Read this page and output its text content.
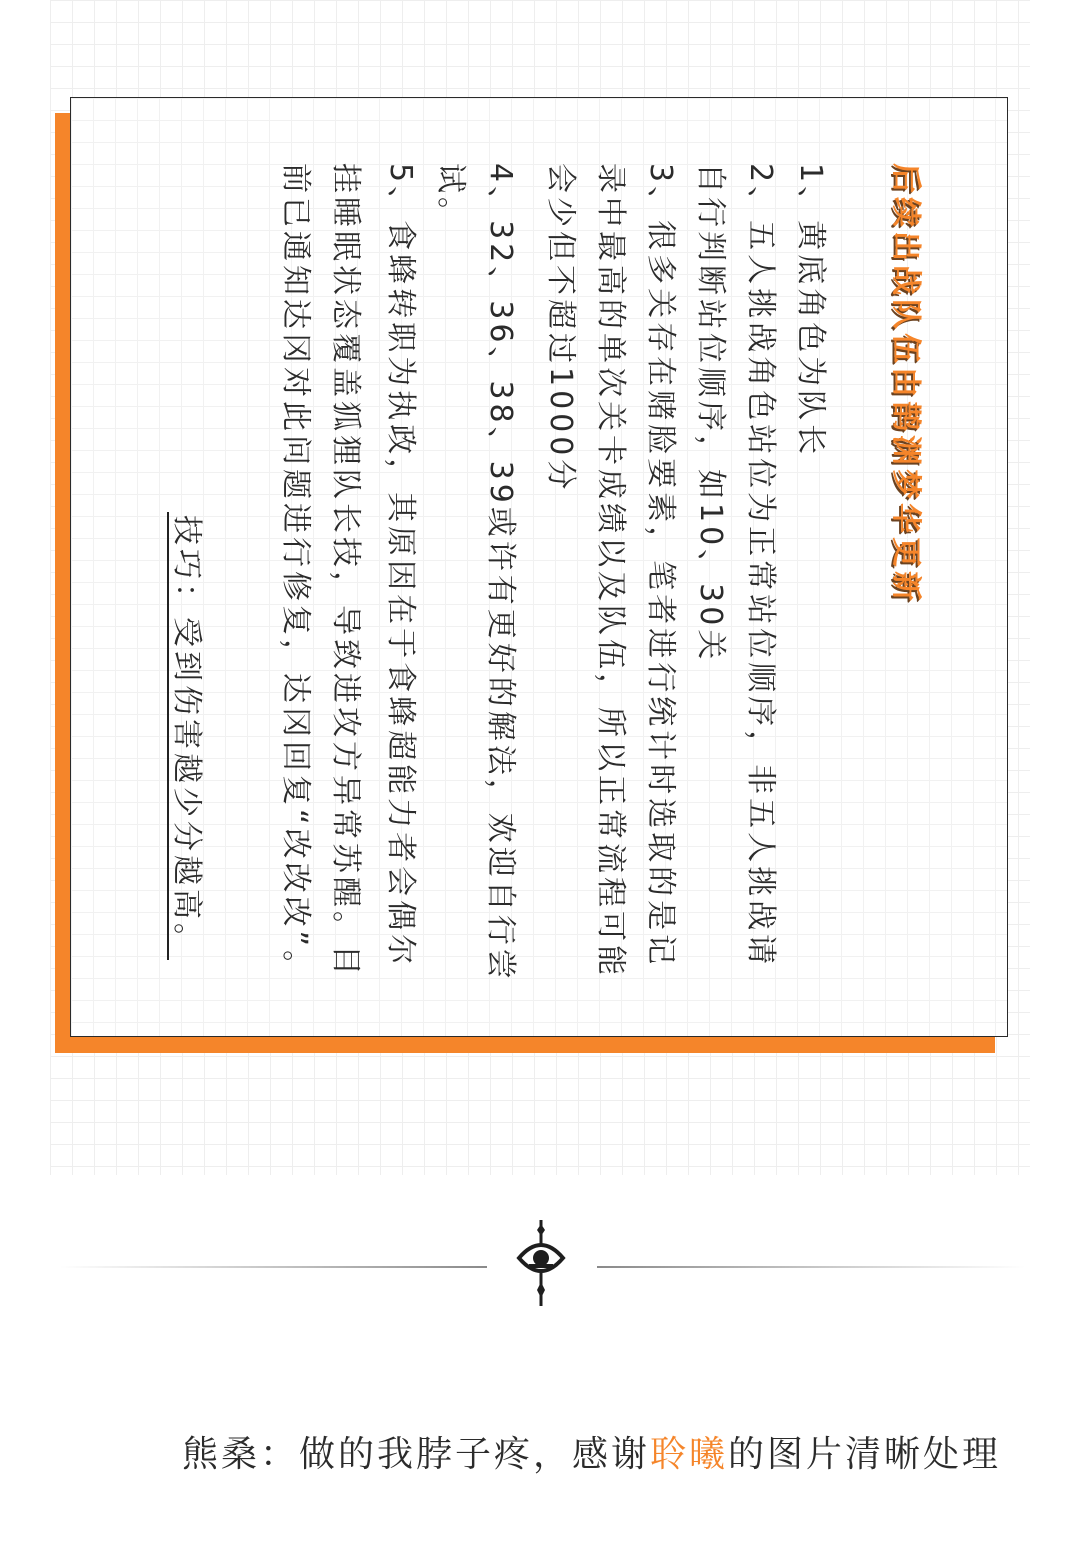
后续出战队伍由鹊渊梦华更新
1、黄底角色为队长
2、五人挑战角色站位为正常站位顺序，非五人挑战请
自行判断站位顺序，如10、30关
3、很多关存在赌脸要素，笔者进行统计时选取的是记
录中最高的单次关卡成绩以及队伍，所以正常流程可能
会少但不超过1000分
4、32、36、38、39或许有更好的解法，欢迎自行尝
试。
5、食蜂转职为执政，其原因在于食蜂超能力者会偶尔
挂睡眠状态覆盖狐狸队长技，导致进攻方异常苏醒。目
前已通知达冈对此问题进行修复，达冈回复“改改改”。
技巧：受到伤害越少分越高。
熊桑：做的我脖子疼，感谢聆曦的图片清晰处理
